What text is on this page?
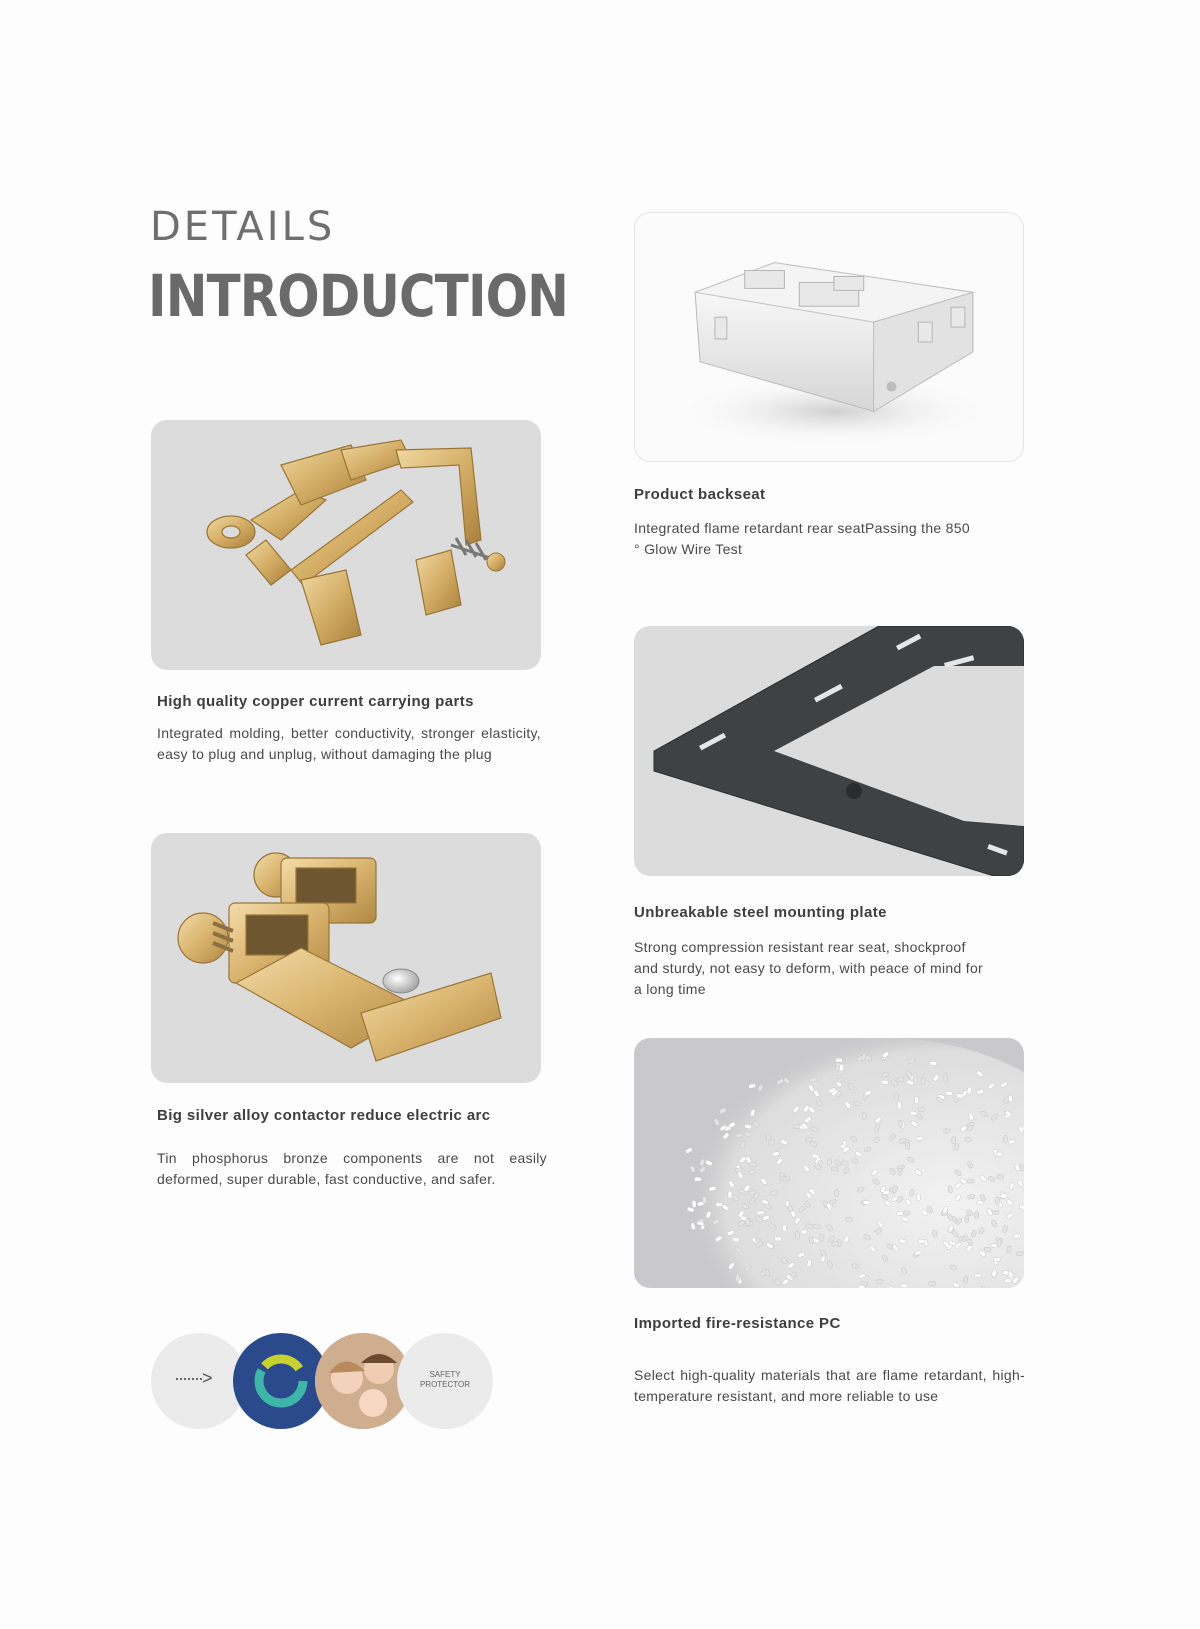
DETAILS
INTRODUCTION
High quality copper current carrying parts
Integrated molding, better conductivity, stronger elasticity, easy to plug and unplug, without damaging the plug
Big silver alloy contactor reduce electric arc
Tin phosphorus bronze components are not easily deformed, super durable, fast conductive, and safer.
Product backseat
Integrated flame retardant rear seatPassing the 850 ° Glow Wire Test
Unbreakable steel mounting plate
Strong compression resistant rear seat, shockproof and sturdy, not easy to deform, with peace of mind for a long time
Imported fire-resistance PC
Select high-quality materials that are flame retardant, high-temperature resistant, and more reliable to use
·······>	SAFETY PROTECTOR
